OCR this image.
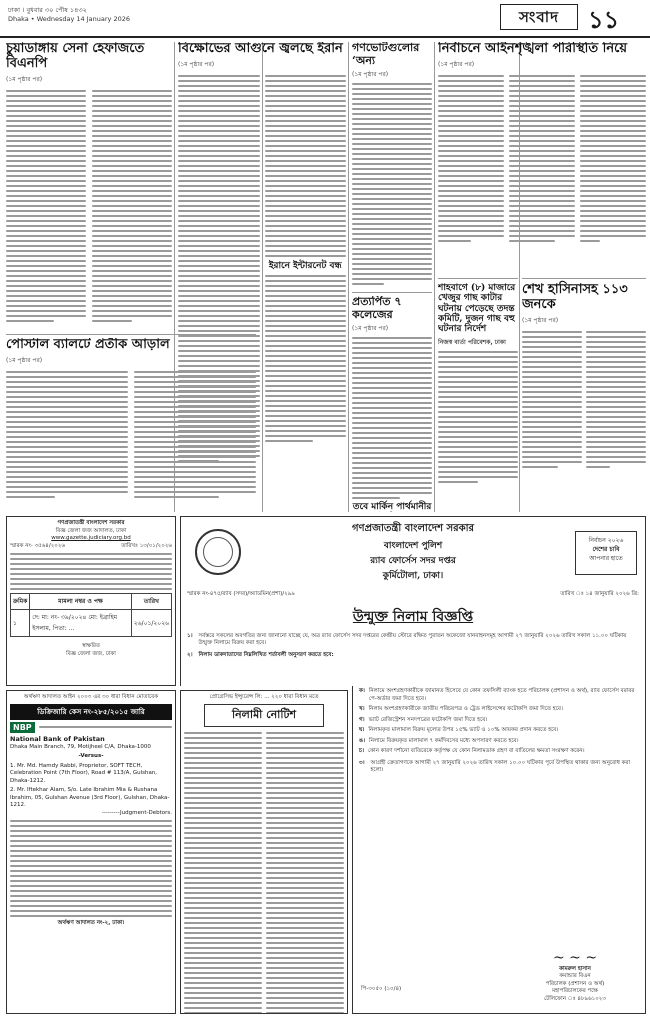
ঢাকা । বুধবার ৩০ পৌষ ১৪৩২
Dhaka • Wednesday 14 January 2026	সংবাদ	১১
চুয়াডাঙ্গায় সেনা হেফাজতে বিএনপি
(১ম পৃষ্ঠার পর)
পোস্টাল ব্যালটে প্রতীক আড়াল
(১ম পৃষ্ঠার পর)
বিক্ষোভের আগুনে জ্বলছে ইরান
(১ম পৃষ্ঠার পর)
ইরানে ইন্টারনেট বন্ধ
গণভোটগুলোর ‘অন্য
(১ম পৃষ্ঠার পর)
প্রত্যর্পিত ৭ কলেজের
(১ম পৃষ্ঠার পর)
তবে মার্কিন পার্থমানীর
নির্বাচনে আইনশৃঙ্খলা পরিস্থিতি নিয়ে
(১ম পৃষ্ঠার পর)
শাহবাগে (৮) মাজারে খেজুর গাছ কাটার ঘটনায় পেড়েছে তদন্ত কমিটি, দুজন গাছ বহু ঘটনার নির্দেশ
নিজস্ব বার্তা পরিবেশক, ঢাকা
শেখ হাসিনাসহ ১১৩ জনকে
(১ম পৃষ্ঠার পর)
গণপ্রজাতন্ত্রী বাংলাদেশ সরকার
বিজ্ঞ জেলা জজ আদালত, ঢাকা
www.gazette.judiciary.org.bd
স্মারক নং- ৩৫৬৪/২০২৬	তারিখঃ ১৩/০১/২০২৬
ক্রমিক	মামলা নম্বর ও পক্ষ	তারিখ
১	দে: মা: নং- ৩৯/২০২৪ মো: ইব্রাহিম ইসলাম, পিতা: ...	২৬/০১/২০২৬
স্বাক্ষরিত
বিজ্ঞ জেলা জজ, ঢাকা
অর্থঋণ আদালত আইন ২০০৩ এর ৩০ ধারা বিধান মোতাবেক
ডিক্রিজারি কেস নং-২৮৫/২০১৫ জারি
NBP
National Bank of Pakistan
Dhaka Main Branch, 79, Motijheel C/A, Dhaka-1000
-Versus-
1. Mr. Md. Hamdy Rabbi, Proprietor, SOFT TECH, Celebration Point (7th Floor), Road # 113/A, Gulshan, Dhaka-1212.
2. Mr. Iftekhar Alam, S/o. Late Ibrahim Mia & Rushana Ibrahim, 05, Gulshan Avenue (3rd Floor), Gulshan, Dhaka-1212.
---------Judgment-Debtors.
অর্থঋণ আদালত নং-২, ঢাকা।
প্রোগ্রেসিভ ইন্স্যুরেন্স লি: ... ২২০ ধারা বিধান মতে
নিলামী নোটিশ
গণপ্রজাতন্ত্রী বাংলাদেশ সরকার
বাংলাদেশ পুলিশ
র‍্যাব ফোর্সেস সদর দপ্তর
কুর্মিটোলা, ঢাকা।
নির্বাচন ২০২৬
দেশের চাবি
আপনার হাতে
স্মারক নং-৪৭৫/র‍্যাব (সদর)/অ্যাডমিন(প্রশা)/২৯৯	তারিখ ঃ ১৪ জানুয়ারি ২০২৬ খ্রি:
উন্মুক্ত নিলাম বিজ্ঞপ্তি
১। সর্বস্তরে সকলের অবগতির জন্য জানানো যাচ্ছে যে, অত্র র‍্যাব ফোর্সেস সদর দপ্তরের কেন্দ্রীয় স্টোরে রক্ষিত পুরাতন অকেজো যানবাহনসমূহ আগামী ২৭ জানুয়ারি ২০২৬ তারিখ সকাল ১১.০০ ঘটিকায় উন্মুক্ত নিলামে বিক্রয় করা হবে।
২। নিলাম ডাকদাতাদের নিম্নলিখিত শর্তাবলী অনুসরণ করতে হবে:
ক। নিলামে অংশগ্রহণকারীকে জামানত হিসেবে যে কোন তফসিলী ব্যাংক হতে পরিচালক (প্রশাসন ও অর্থ), র‍্যাব ফোর্সেস বরাবর পে-অর্ডার জমা দিতে হবে।
খ। নিলাম অংশগ্রহণকারীকে জাতীয় পরিচয়পত্র ও ট্রেড লাইসেন্সের ফটোকপি জমা দিতে হবে।
গ। ভ্যাট রেজিস্ট্রেশন সনদপত্রের ফটোকপি জমা দিতে হবে।
ঘ। নিলামকৃত মালামাল বিক্রয় মূল্যের উপর ১৫% ভ্যাট ও ১০% আয়কর প্রদান করতে হবে।
ঙ। নিলামে বিক্রয়কৃত মালামাল ৭ কর্মদিবসের মধ্যে অপসারণ করতে হবে।
চ। কোন কারণ দর্শানো ব্যতিরেকে কর্তৃপক্ষ যে কোন নিলামডাক গ্রহণ বা বাতিলের ক্ষমতা সংরক্ষণ করেন।
৩। আগ্রহী ক্রেতাগণকে আগামী ২৭ জানুয়ারি ২০২৬ তারিখ সকাল ১০.০০ ঘটিকার পূর্বে উপস্থিত থাকার জন্য অনুরোধ করা হলো।
~ ~ ~
কামরুল হাসান
কমান্ডার বিএন
পরিচালক (প্রশাসন ও অর্থ)
মহাপরিচালকের পক্ষে
টেলিফোন ঃ ৪৮৯৬১০২৩
পি-৩০৫০ (১০/৪)
